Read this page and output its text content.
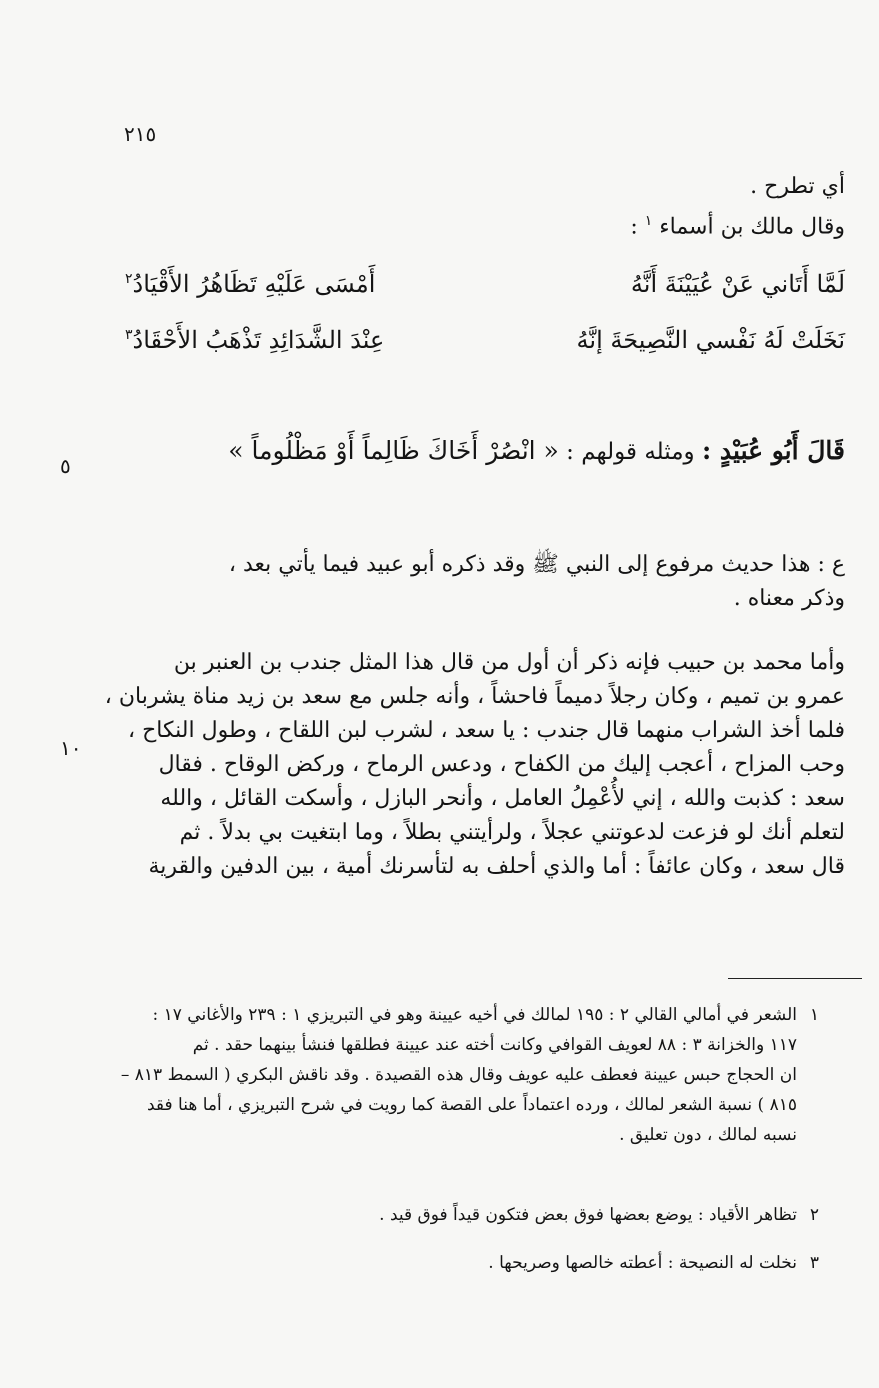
٢١٥
٥
١٠
أي تطرح .
وقال مالك بن أسماء $^١$ :
لَمَّا أَتَاني عَنْ عُيَيْنَةَ أَنَّهُ
أَمْسَى عَلَيْهِ تَظَاهُرُ الأَقْيَادُ$^٢$
نَخَلَتْ لَهُ نَفْسي النَّصِيحَةَ إنَّهُ
عِنْدَ الشَّدَائِدِ تَذْهَبُ الأَحْقَادُ$^٣$
قَالَ أَبُو عُبَيْدٍ : ومثله قولهم : « انْصُرْ أَخَاكَ ظَالِماً أَوْ مَظْلُوماً »
ع : هذا حديث مرفوع إلى النبي ﷺ وقد ذكره أبو عبيد فيما يأتي بعد ،
وذكر معناه .
وأما محمد بن حبيب فإنه ذكر أن أول من قال هذا المثل جندب بن العنبر بن
عمرو بن تميم ، وكان رجلاً دميماً فاحشاً ، وأنه جلس مع سعد بن زيد مناة يشربان ،
فلما أخذ الشراب منهما قال جندب : يا سعد ، لشرب لبن اللقاح ، وطول النكاح ،
وحب المزاح ، أعجب إليك من الكفاح ، ودعس الرماح ، وركض الوقاح . فقال
سعد : كذبت والله ، إني لأُعْمِلُ العامل ، وأنحر البازل ، وأسكت القائل ، والله
لتعلم أنك لو فزعت لدعوتني عجلاً ، ولرأيتني بطلاً ، وما ابتغيت بي بدلاً . ثم
قال سعد ، وكان عائفاً : أما والذي أحلف به لتأسرنك أمية ، بين الدفين والقرية
١الشعر في أمالي القالي ٢ : ١٩٥ لمالك في أخيه عيينة وهو في التبريزي ١ : ٢٣٩ والأغاني ١٧ :
١١٧ والخزانة ٣ : ٨٨ لعويف القوافي وكانت أخته عند عيينة فطلقها فنشأ بينهما حقد . ثم
ان الحجاج حبس عيينة فعطف عليه عويف وقال هذه القصيدة . وقد ناقش البكري ( السمط ٨١٣ –
٨١٥ ) نسبة الشعر لمالك ، ورده اعتماداً على القصة كما رويت في شرح التبريزي ، أما هنا فقد
نسبه لمالك ، دون تعليق .
٢تظاهر الأقياد : يوضع بعضها فوق بعض فتكون قيداً فوق قيد .
٣نخلت له النصيحة : أعطته خالصها وصريحها .
